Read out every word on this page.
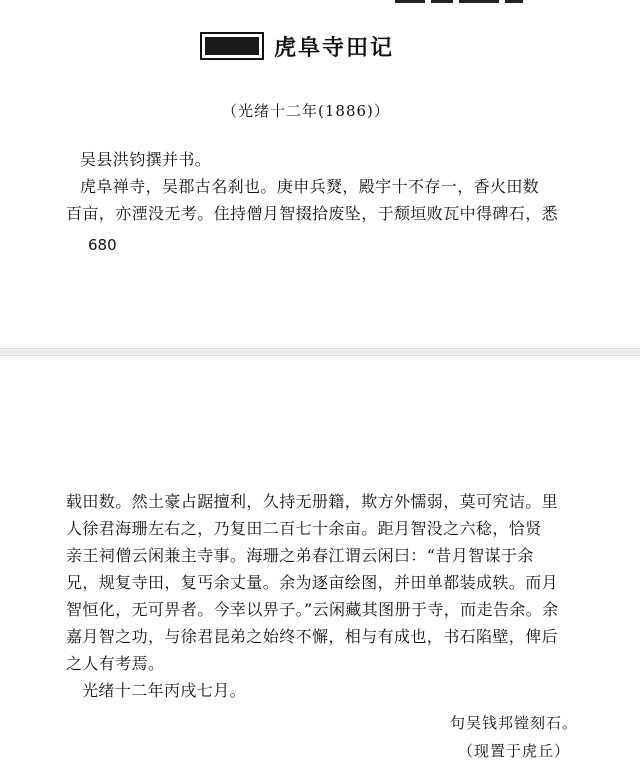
虎阜寺田记
（光绪十二年(1886)）
吴县洪钧撰并书。
虎阜禅寺，吴郡古名刹也。庚申兵燹，殿宇十不存一，香火田数
百亩，亦湮没无考。住持僧月智掇拾废坠，于颓垣败瓦中得碑石，悉
680
载田数。然土豪占踞擅利，久持无册籍，欺方外懦弱，莫可究诘。里
人徐君海珊左右之，乃复田二百七十余亩。距月智没之六稔，恰贤
亲王祠僧云闲兼主寺事。海珊之弟春江谓云闲曰：“昔月智谋于余
兄，规复寺田，复丐余丈量。余为逐亩绘图，并田单都装成轶。而月
智恒化，无可畀者。今幸以畀子。”云闲藏其图册于寺，而走告余。余
嘉月智之功，与徐君昆弟之始终不懈，相与有成也，书石陷壁，俾后
之人有考焉。
光绪十二年丙戌七月。
句吴钱邦镗刻石。
（现置于虎丘）
